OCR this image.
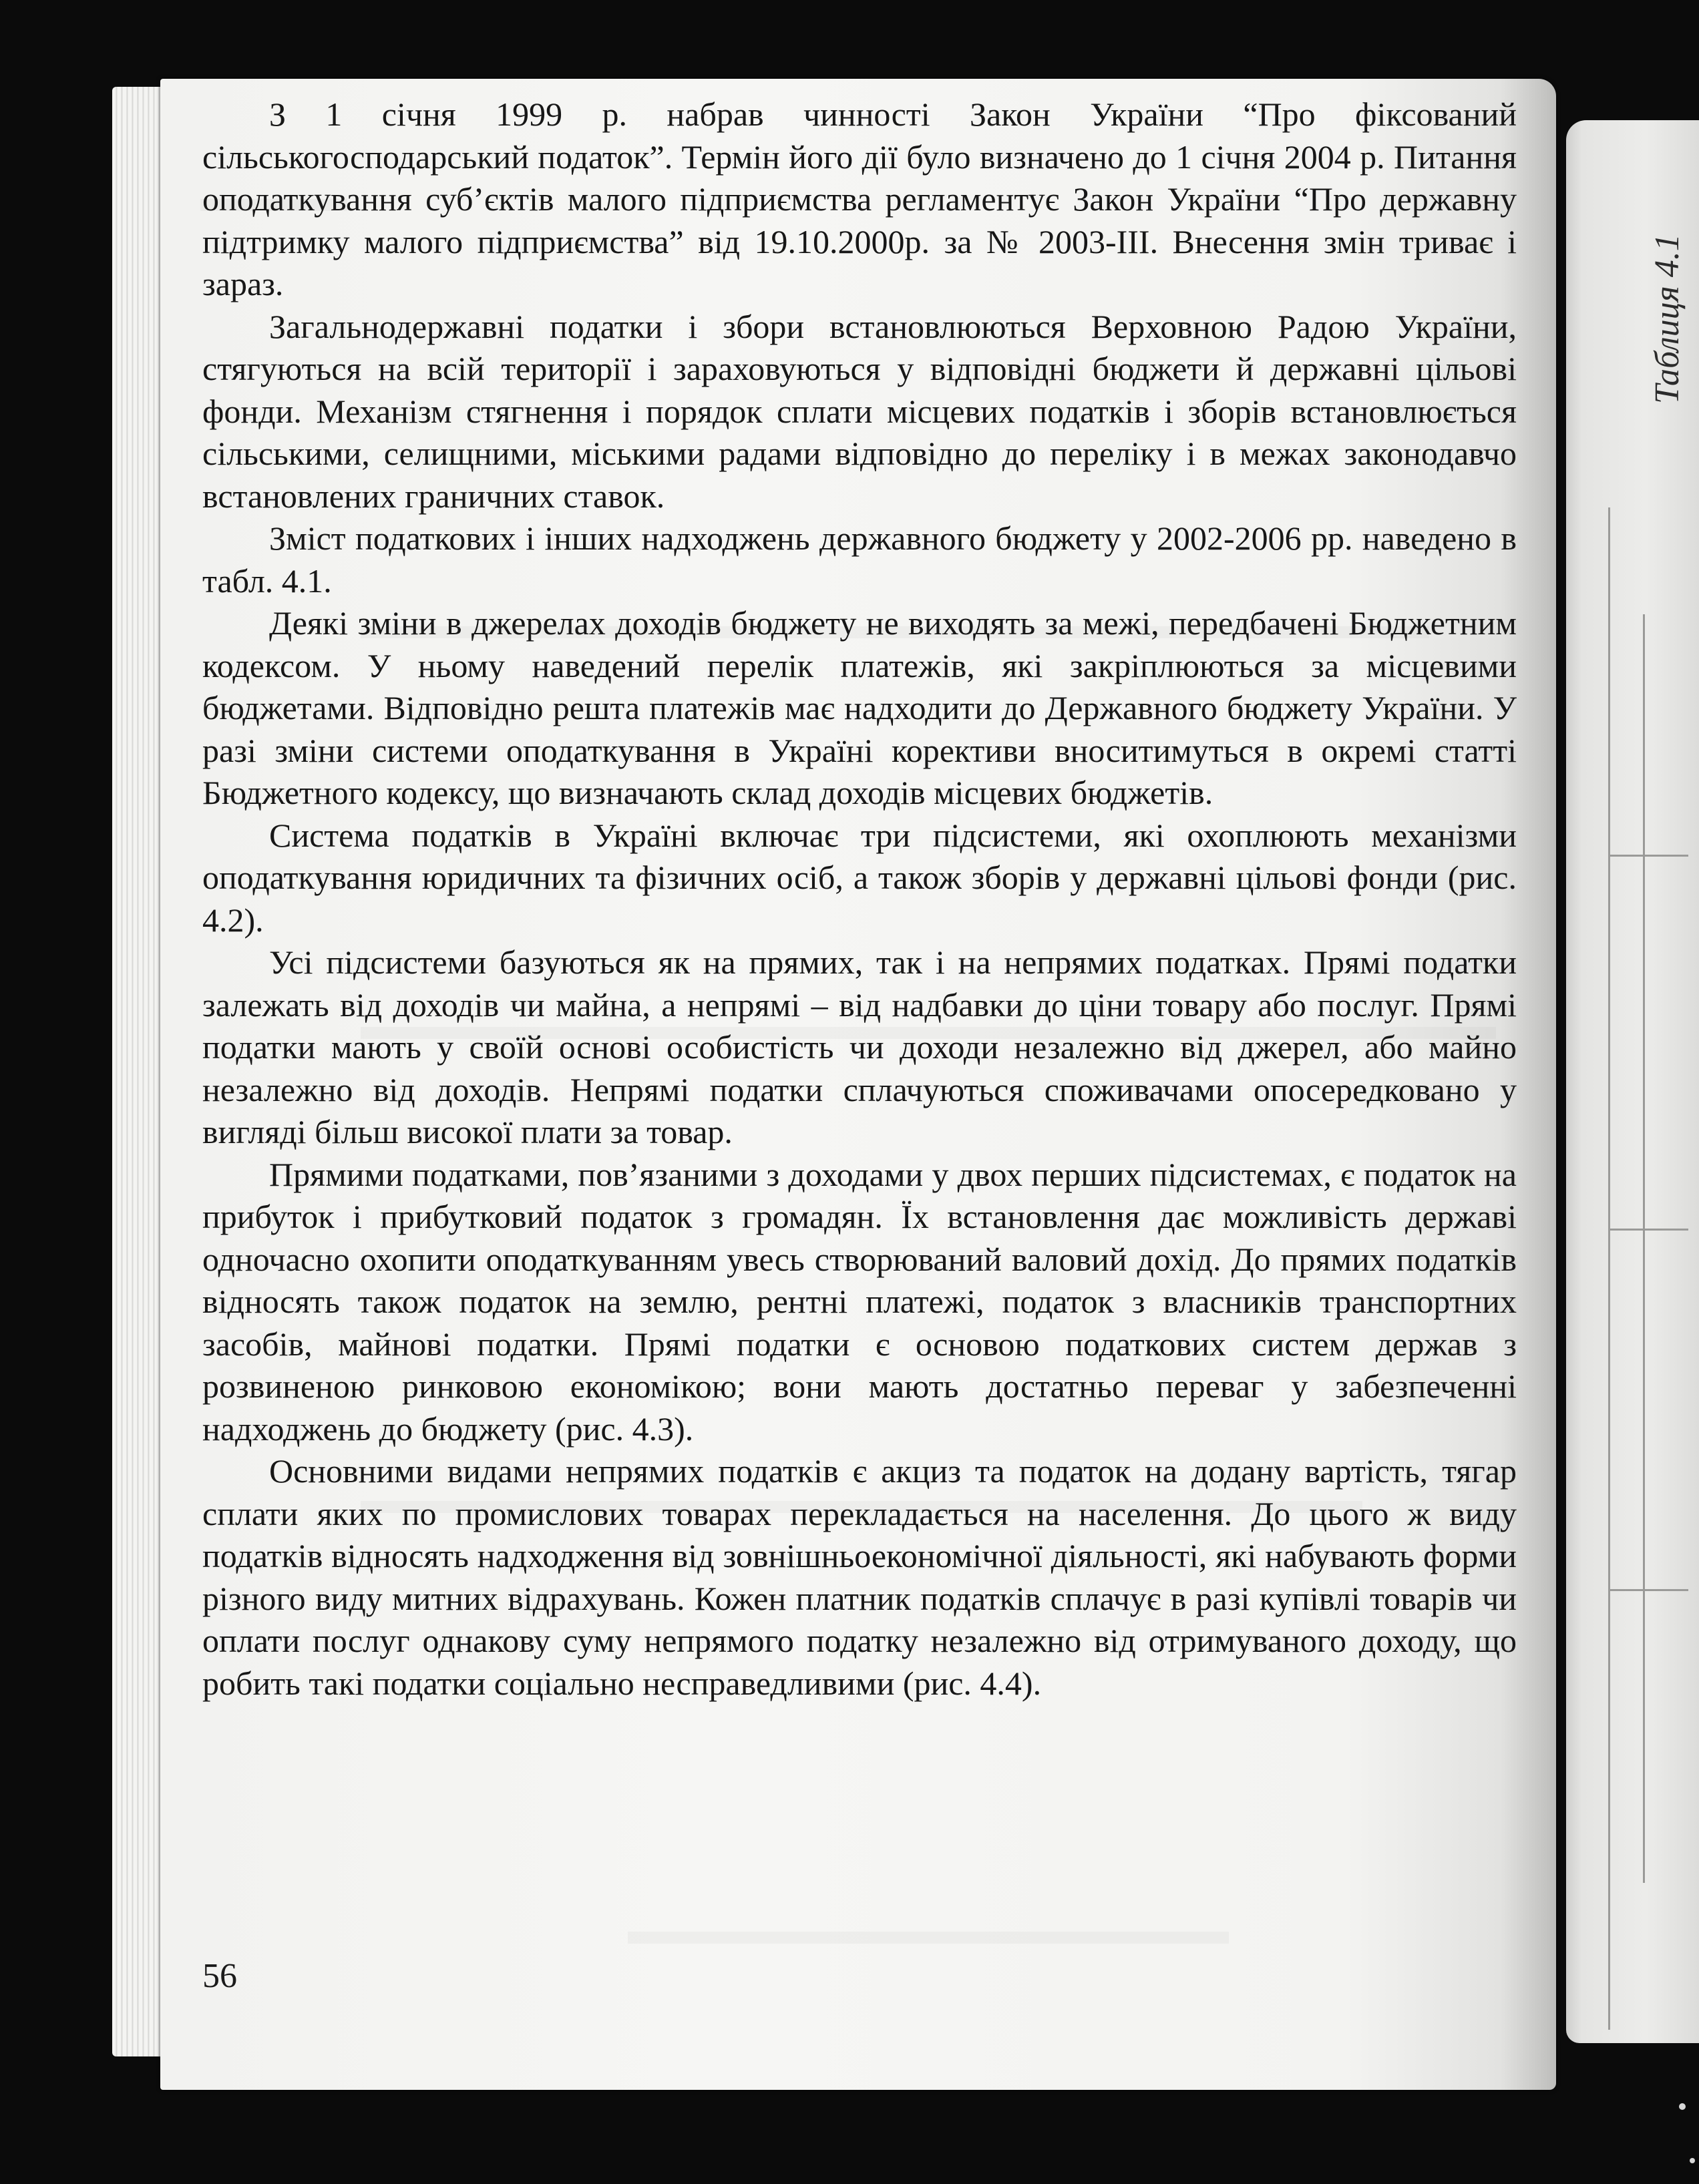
З 1 січня 1999 р. набрав чинності Закон України “Про фіксований сільськогосподарський податок”. Термін його дії було визначено до 1 січня 2004 р. Питання оподаткування суб’єктів малого підприємства регламентує Закон України “Про державну підтримку малого підприємства” від 19.10.2000р. за № 2003-III. Внесення змін триває і зараз.

Загальнодержавні податки і збори встановлюються Верховною Радою України, стягуються на всій території і зараховуються у відповідні бюджети й державні цільові фонди. Механізм стягнення і порядок сплати місцевих податків і зборів встановлюється сільськими, селищними, міськими радами відповідно до переліку і в межах законодавчо встановлених граничних ставок.

Зміст податкових і інших надходжень державного бюджету у 2002-2006 рр. наведено в табл. 4.1.

Деякі зміни в джерелах доходів бюджету не виходять за межі, передбачені Бюджетним кодексом. У ньому наведений перелік платежів, які закріплюються за місцевими бюджетами. Відповідно решта платежів має надходити до Державного бюджету України. У разі зміни системи оподаткування в Україні корективи вноситимуться в окремі статті Бюджетного кодексу, що визначають склад доходів місцевих бюджетів.

Система податків в Україні включає три підсистеми, які охоплюють механізми оподаткування юридичних та фізичних осіб, а також зборів у державні цільові фонди (рис. 4.2).

Усі підсистеми базуються як на прямих, так і на непрямих податках. Прямі податки залежать від доходів чи майна, а непрямі – від надбавки до ціни товару або послуг. Прямі податки мають у своїй основі особистість чи доходи незалежно від джерел, або майно незалежно від доходів. Непрямі податки сплачуються споживачами опосередковано у вигляді більш високої плати за товар.

Прямими податками, пов’язаними з доходами у двох перших підсистемах, є податок на прибуток і прибутковий податок з громадян. Їх встановлення дає можливість державі одночасно охопити оподаткуванням увесь створюваний валовий дохід. До прямих податків відносять також податок на землю, рентні платежі, податок з власників транспортних засобів, майнові податки. Прямі податки є основою податкових систем держав з розвиненою ринковою економікою; вони мають достатньо переваг у забезпеченні надходжень до бюджету (рис. 4.3).

Основними видами непрямих податків є акциз та податок на додану вартість, тягар сплати яких по промислових товарах перекладається на населення. До цього ж виду податків відносять надходження від зовнішньоекономічної діяльності, які набувають форми різного виду митних відрахувань. Кожен платник податків сплачує в разі купівлі товарів чи оплати послуг однакову суму непрямого податку незалежно від отримуваного доходу, що робить такі податки соціально несправедливими (рис. 4.4).

56
Таблиця 4.1
